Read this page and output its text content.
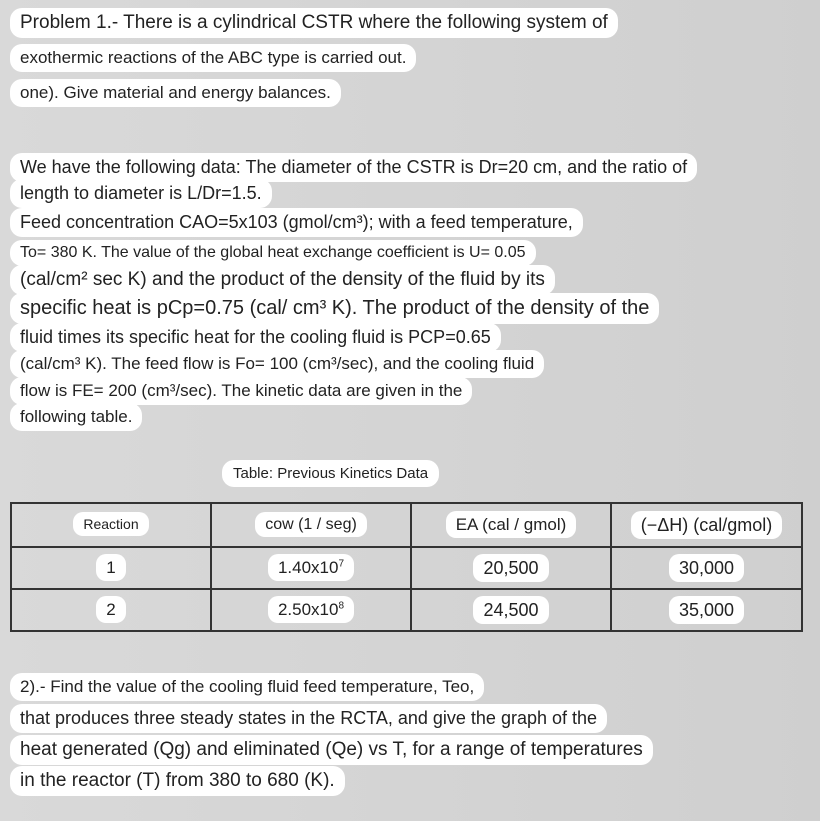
Problem 1.- There is a cylindrical CSTR where the following system of
exothermic reactions of the ABC type is carried out.
one). Give material and energy balances.
We have the following data: The diameter of the CSTR is Dr=20 cm, and the ratio of
length to diameter is L/Dr=1.5.
Feed concentration CAO=5x103 (gmol/cm³); with a feed temperature,
To= 380 K. The value of the global heat exchange coefficient is U= 0.05
(cal/cm² sec K) and the product of the density of the fluid by its
specific heat is pCp=0.75 (cal/ cm³ K). The product of the density of the
fluid times its specific heat for the cooling fluid is PCP=0.65
(cal/cm³ K). The feed flow is Fo= 100 (cm³/sec), and the cooling fluid
flow is FE= 200 (cm³/sec). The kinetic data are given in the
following table.
Table: Previous Kinetics Data
Reaction	cow (1 / seg)	EA (cal / gmol)	(−ΔH) (cal/gmol)
1	$1.40x10^7$	20,500	30,000
2	$2.50x10^8$	24,500	35,000
2).- Find the value of the cooling fluid feed temperature, Teo,
that produces three steady states in the RCTA, and give the graph of the
heat generated (Qg) and eliminated (Qe) vs T, for a range of temperatures
in the reactor (T) from 380 to 680 (K).
